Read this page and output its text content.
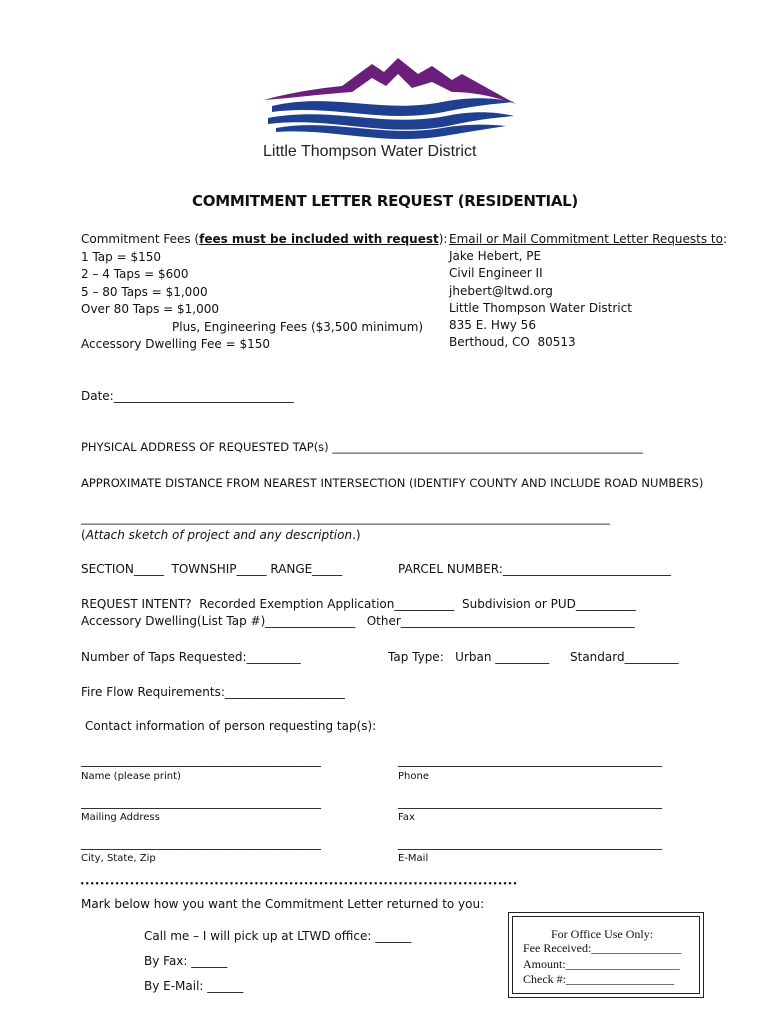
Little Thompson Water District
COMMITMENT LETTER REQUEST (RESIDENTIAL)
Commitment Fees (fees must be included with request):
1 Tap = $150
2 – 4 Taps = $600
5 – 80 Taps = $1,000
Over 80 Taps = $1,000
Plus, Engineering Fees ($3,500 minimum)
Accessory Dwelling Fee = $150
Email or Mail Commitment Letter Requests to:
Jake Hebert, PE
Civil Engineer II
jhebert@ltwd.org
Little Thompson Water District
835 E. Hwy 56
Berthoud, CO  80513
Date:______________________________
PHYSICAL ADDRESS OF REQUESTED TAP(s) ______________________________________________________
APPROXIMATE DISTANCE FROM NEAREST INTERSECTION (IDENTIFY COUNTY AND INCLUDE ROAD NUMBERS)
____________________________________________________________________________________________
(Attach sketch of project and any description.)
SECTION_____  TOWNSHIP_____ RANGE_____	PARCEL NUMBER:____________________________
REQUEST INTENT?  Recorded Exemption Application__________  Subdivision or PUD__________
Accessory Dwelling(List Tap #)_______________   Other_______________________________________
Number of Taps Requested:_________	Tap Type:   Urban _________ Standard_________
Fire Flow Requirements:____________________
Contact information of person requesting tap(s):
________________________________________	____________________________________________
Name (please print)	Phone
________________________________________	____________________________________________
Mailing Address	Fax
________________________________________	____________________________________________
City, State, Zip	E-Mail
••••••••••••••••••••••••••••••••••••••••••••••••••••••••••••••••••••••••••••••••••••••••
Mark below how you want the Commitment Letter returned to you:
Call me – I will pick up at LTWD office: ______
By Fax: ______
By E-Mail: ______
For Office Use Only:
Fee Received:_______________
Amount:___________________
Check #:__________________
